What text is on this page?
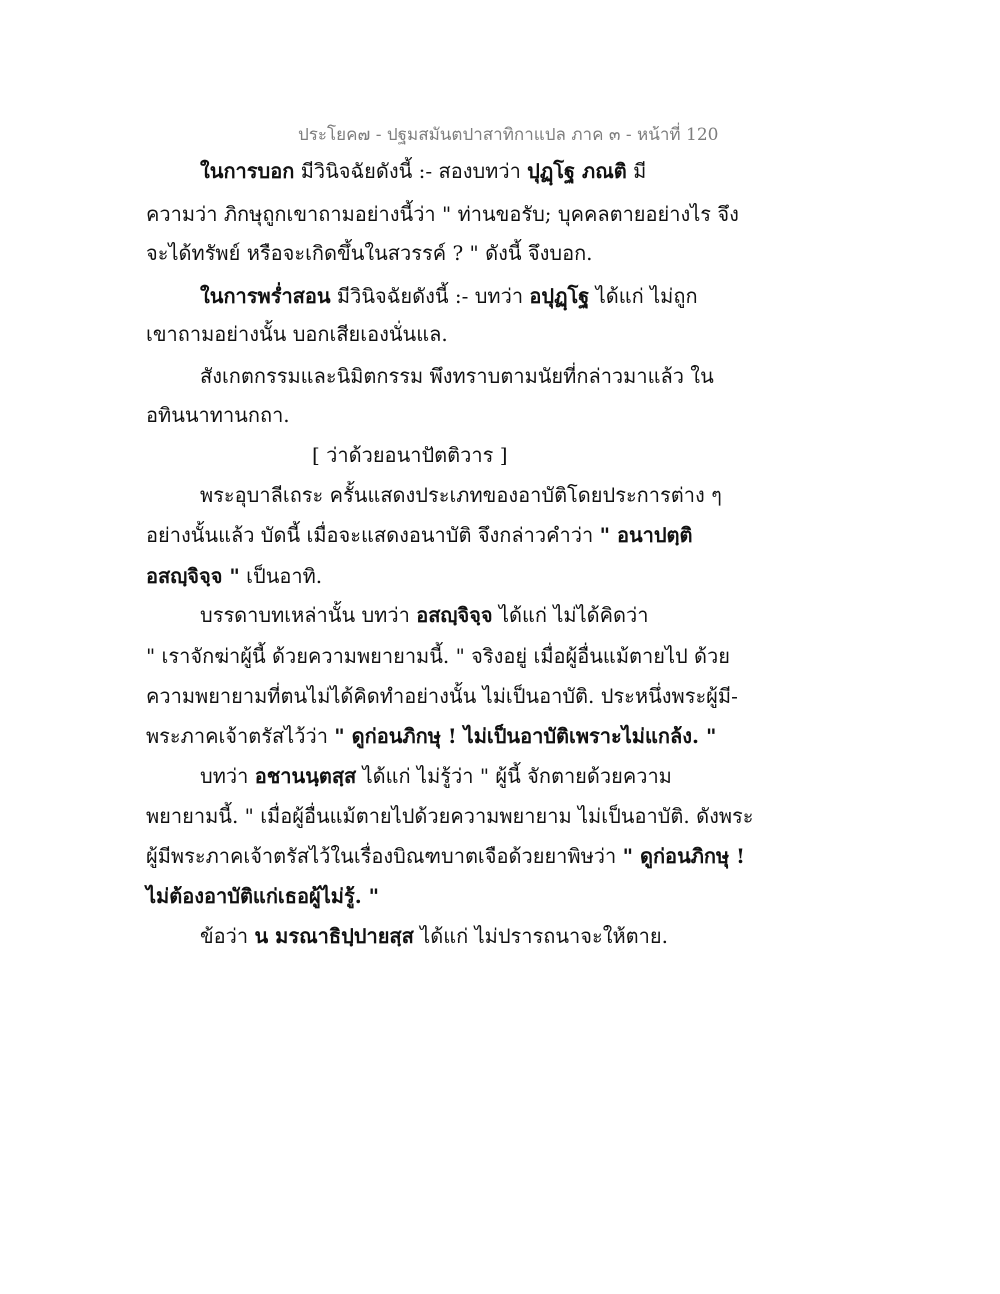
ประโยค๗ - ปฐมสมันตปาสาทิกาแปล ภาค ๓ - หน้าที่ 120
ในการบอก มีวินิจฉัยดังนี้ :- สองบทว่า ปุฏฺโฐ ภณติ มี
ความว่า ภิกษุถูกเขาถามอย่างนี้ว่า " ท่านขอรับ; บุคคลตายอย่างไร จึง
จะได้ทรัพย์ หรือจะเกิดขึ้นในสวรรค์ ? " ดังนี้ จึงบอก.
ในการพร่ำสอน มีวินิจฉัยดังนี้ :- บทว่า อปุฏฺโฐ ได้แก่ ไม่ถูก
เขาถามอย่างนั้น บอกเสียเองนั่นแล.
สังเกตกรรมและนิมิตกรรม พึงทราบตามนัยที่กล่าวมาแล้ว ใน
อทินนาทานกถา.
[ ว่าด้วยอนาปัตติวาร ]
พระอุบาลีเถระ ครั้นแสดงประเภทของอาบัติโดยประการต่าง ๆ
อย่างนั้นแล้ว บัดนี้ เมื่อจะแสดงอนาบัติ จึงกล่าวคำว่า " อนาปตฺติ
อสญฺจิจฺจ " เป็นอาทิ.
บรรดาบทเหล่านั้น บทว่า อสญฺจิจฺจ ได้แก่ ไม่ได้คิดว่า
" เราจักฆ่าผู้นี้ ด้วยความพยายามนี้. " จริงอยู่ เมื่อผู้อื่นแม้ตายไป ด้วย
ความพยายามที่ตนไม่ได้คิดทำอย่างนั้น ไม่เป็นอาบัติ. ประหนึ่งพระผู้มี-
พระภาคเจ้าตรัสไว้ว่า " ดูก่อนภิกษุ ! ไม่เป็นอาบัติเพราะไม่แกล้ง. "
บทว่า อชานนฺตสฺส ได้แก่ ไม่รู้ว่า " ผู้นี้ จักตายด้วยความ
พยายามนี้. " เมื่อผู้อื่นแม้ตายไปด้วยความพยายาม ไม่เป็นอาบัติ. ดังพระ
ผู้มีพระภาคเจ้าตรัสไว้ในเรื่องบิณฑบาตเจือด้วยยาพิษว่า " ดูก่อนภิกษุ !
ไม่ต้องอาบัติแก่เธอผู้ไม่รู้. "
ข้อว่า น มรณาธิปฺปายสฺส ได้แก่ ไม่ปรารถนาจะให้ตาย.
